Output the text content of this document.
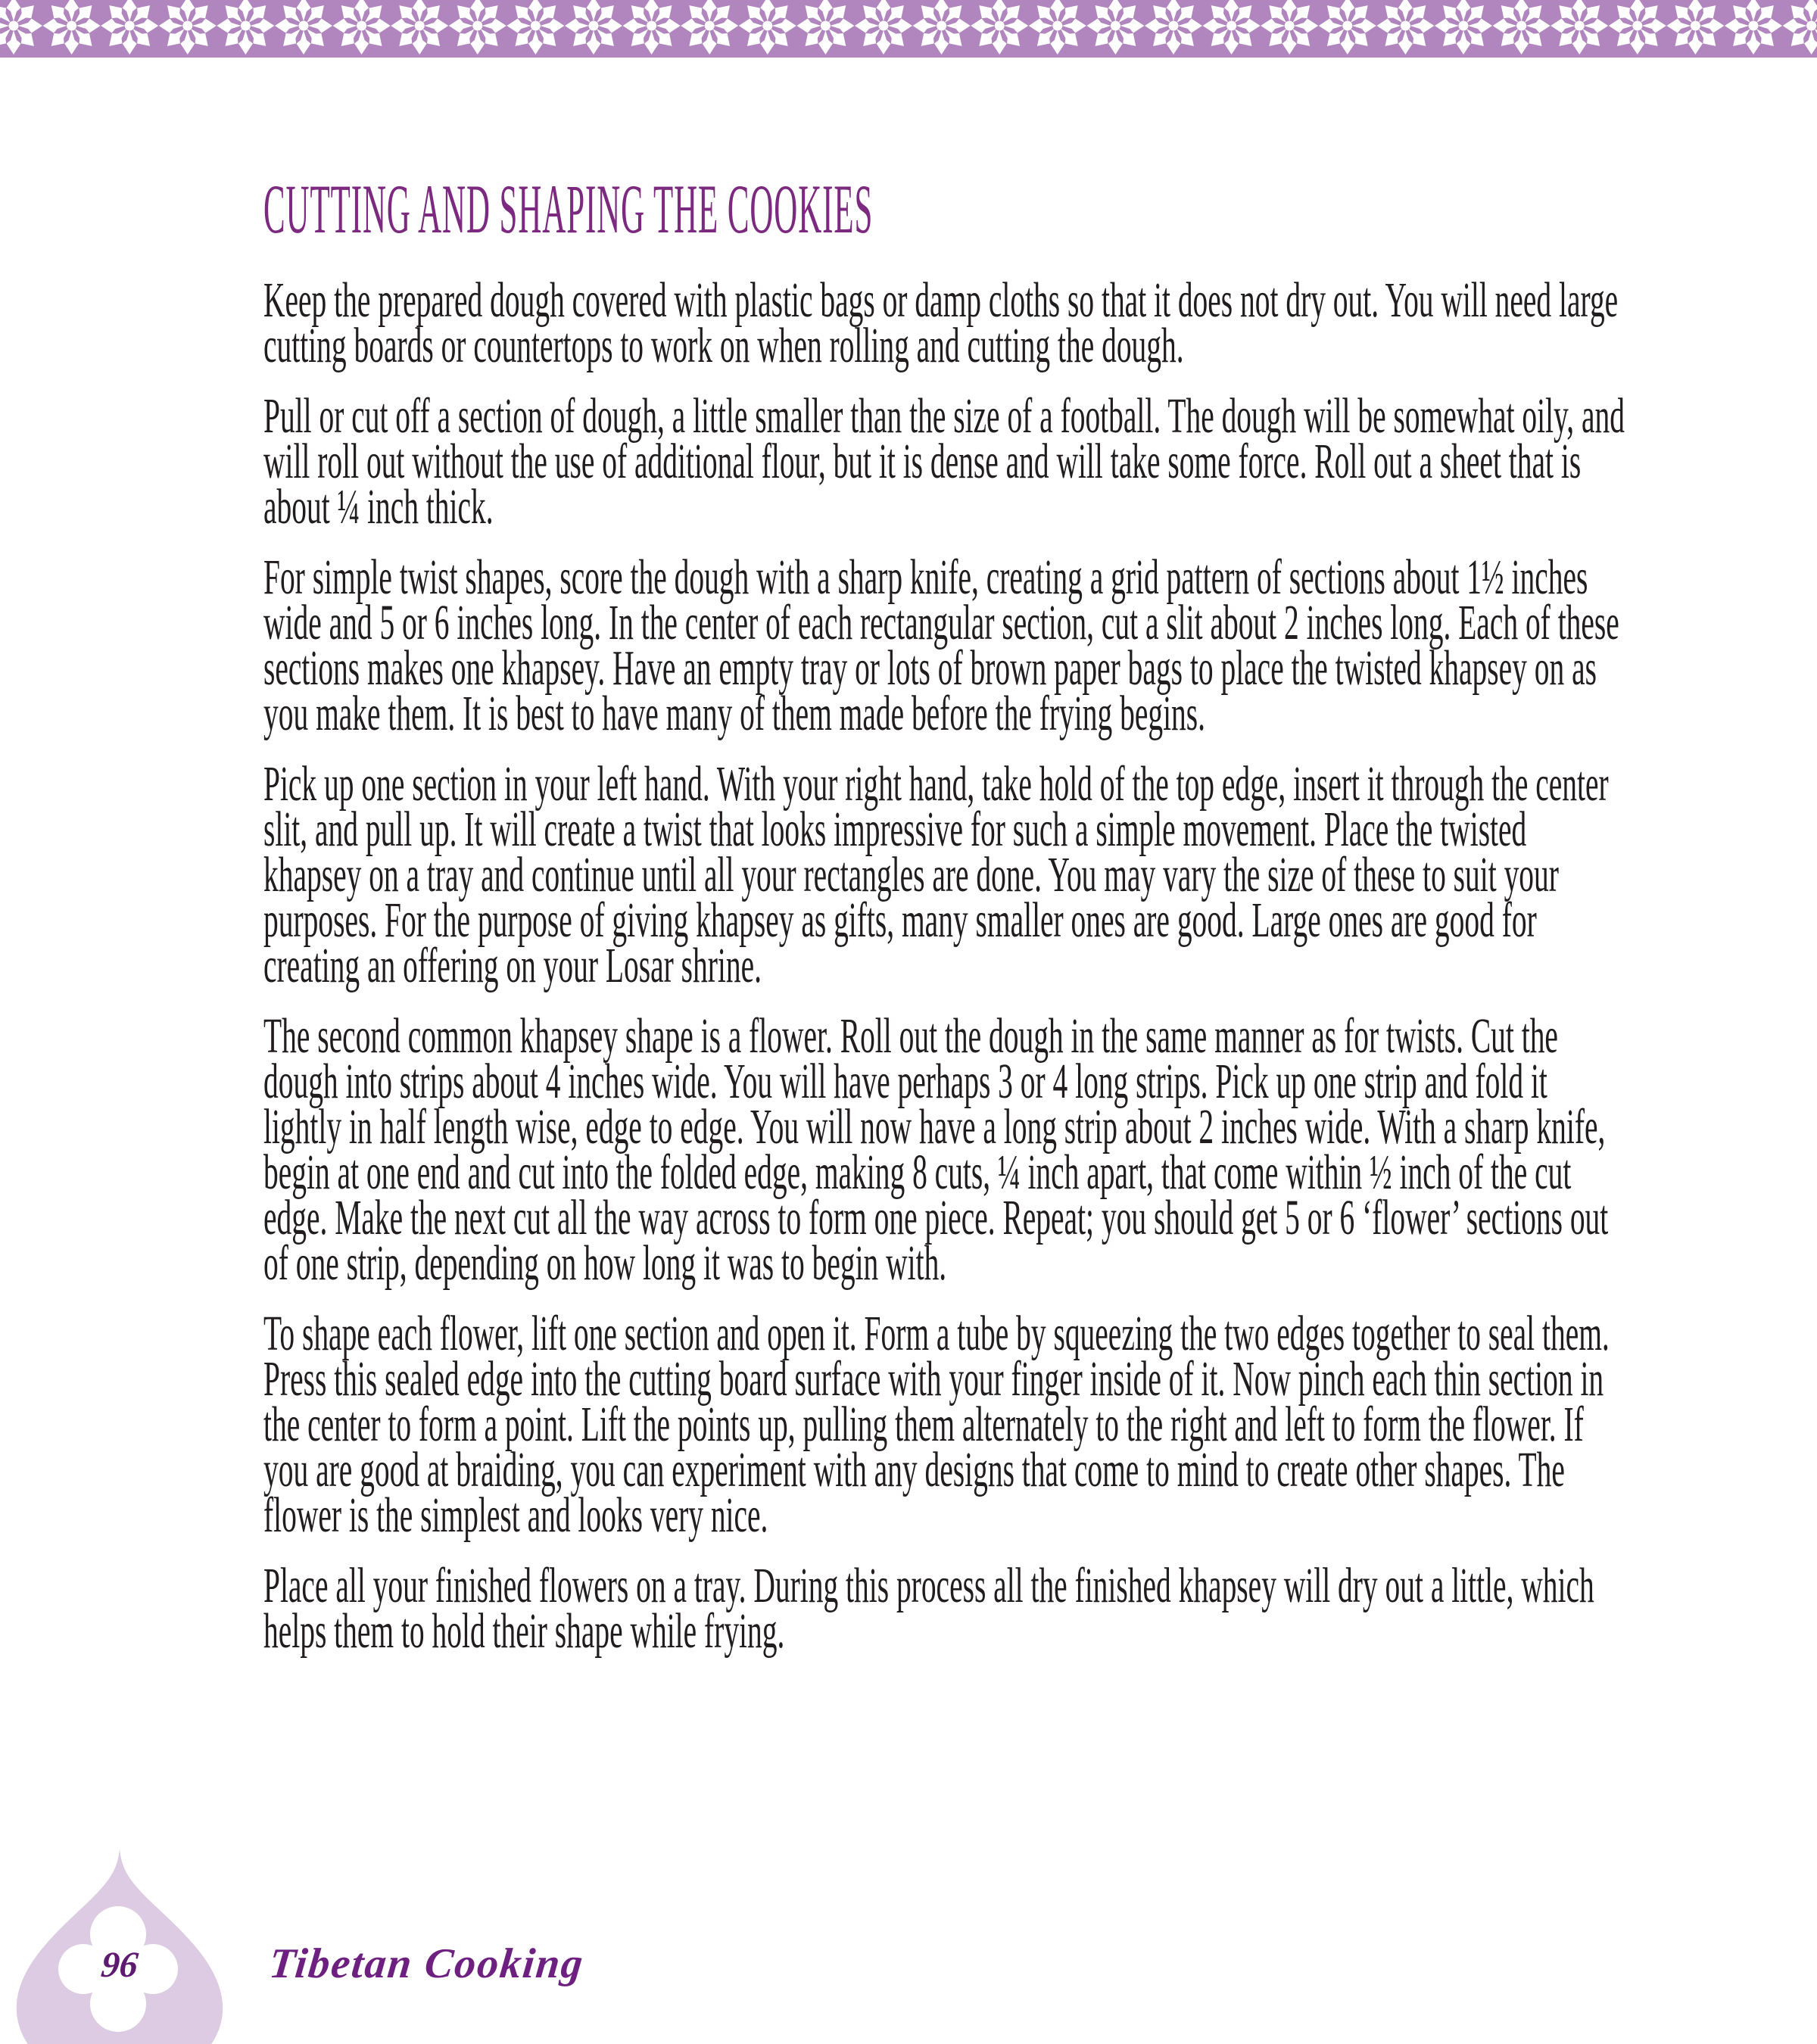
CUTTING AND SHAPING THE COOKIES

Keep the prepared dough covered with plastic bags or damp cloths so that it does not dry out. You will need large cutting boards or countertops to work on when rolling and cutting the dough.

Pull or cut off a section of dough, a little smaller than the size of a football. The dough will be somewhat oily, and will roll out without the use of additional flour, but it is dense and will take some force. Roll out a sheet that is about ¼ inch thick.

For simple twist shapes, score the dough with a sharp knife, creating a grid pattern of sections about 1½ inches wide and 5 or 6 inches long. In the center of each rectangular section, cut a slit about 2 inches long. Each of these sections makes one khapsey. Have an empty tray or lots of brown paper bags to place the twisted khapsey on as you make them. It is best to have many of them made before the frying begins.

Pick up one section in your left hand. With your right hand, take hold of the top edge, insert it through the center slit, and pull up. It will create a twist that looks impressive for such a simple movement. Place the twisted khapsey on a tray and continue until all your rectangles are done. You may vary the size of these to suit your purposes. For the purpose of giving khapsey as gifts, many smaller ones are good. Large ones are good for creating an offering on your Losar shrine.

The second common khapsey shape is a flower. Roll out the dough in the same manner as for twists. Cut the dough into strips about 4 inches wide. You will have perhaps 3 or 4 long strips. Pick up one strip and fold it lightly in half length wise, edge to edge. You will now have a long strip about 2 inches wide. With a sharp knife, begin at one end and cut into the folded edge, making 8 cuts, ¼ inch apart, that come within ½ inch of the cut edge. Make the next cut all the way across to form one piece. Repeat; you should get 5 or 6 ‘flower’ sections out of one strip, depending on how long it was to begin with.

To shape each flower, lift one section and open it. Form a tube by squeezing the two edges together to seal them. Press this sealed edge into the cutting board surface with your finger inside of it. Now pinch each thin section in the center to form a point. Lift the points up, pulling them alternately to the right and left to form the flower. If you are good at braiding, you can experiment with any designs that come to mind to create other shapes. The flower is the simplest and looks very nice.

Place all your finished flowers on a tray. During this process all the finished khapsey will dry out a little, which helps them to hold their shape while frying.

96	Tibetan Cooking
